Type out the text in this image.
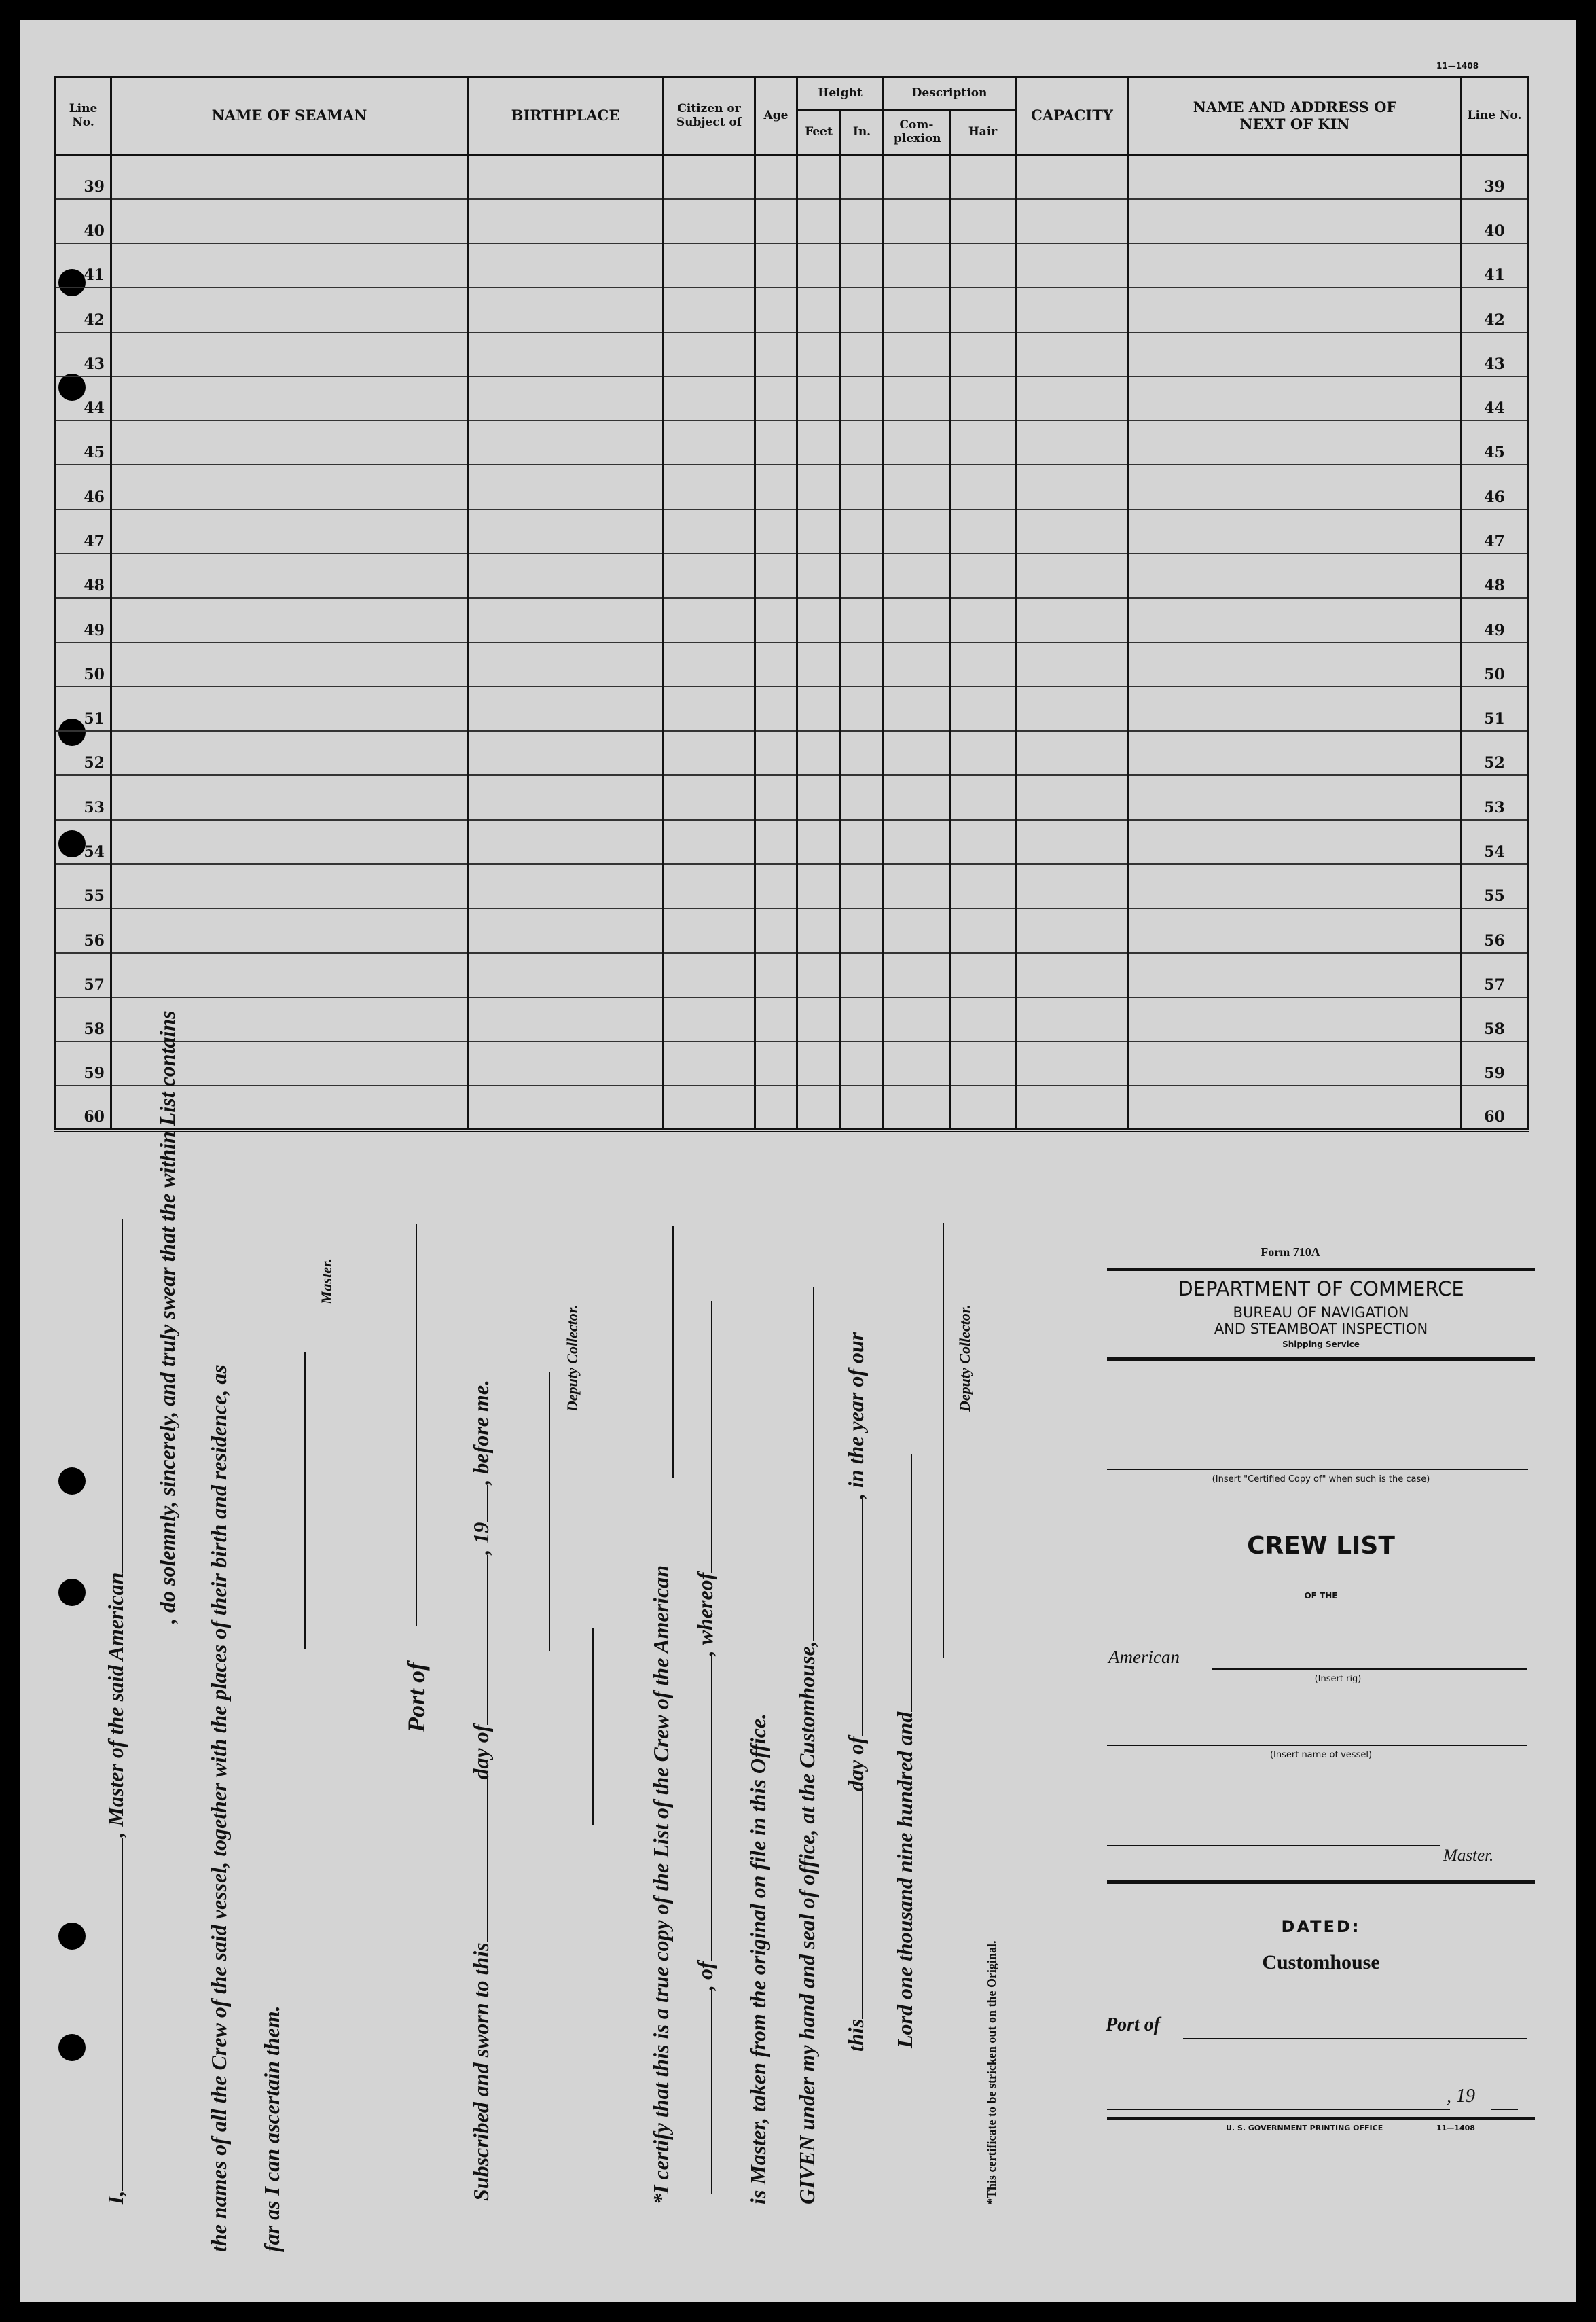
11—1408
Line No.	NAME OF SEAMAN	BIRTHPLACE	Citizen or Subject of	Age	Height		Description		CAPACITY	NAME AND ADDRESS OF NEXT OF KIN	Line No.
					Feet	In.	Com- plexion	Hair			
39											39
40											40
41											41
42											42
43											43
44											44
45											45
46											46
47											47
48											48
49											49
50											50
51											51
52											52
53											53
54											54
55											55
56											56
57											57
58											58
59											59
60											60
I,, Master of the said American
, do solemnly, sincerely, and truly swear that the within List contains
the names of all the Crew of the said vessel, together with the places of their birth and residence, as far as I can ascertain them.
Master.
Port of
Subscribed and sworn to thisday of, 19, before me.
Deputy Collector.
*I certify that this is a true copy of the List of the Crew of the American , of, whereof
is Master, taken from the original on file in this Office. GIVEN under my hand and seal of office, at the Customhouse, thisday of, in the year of our
Lord one thousand nine hundred and
Deputy Collector.
*This certificate to be stricken out on the Original.
Form 710A
DEPARTMENT OF COMMERCE
BUREAU OF NAVIGATION
AND STEAMBOAT INSPECTION
Shipping Service
(Insert "Certified Copy of" when such is the case)
CREW LIST
OF THE
American
(Insert rig)
(Insert name of vessel)
Master.
DATED:
Customhouse
Port of
, 19
U. S. GOVERNMENT PRINTING OFFICE	11—1408
